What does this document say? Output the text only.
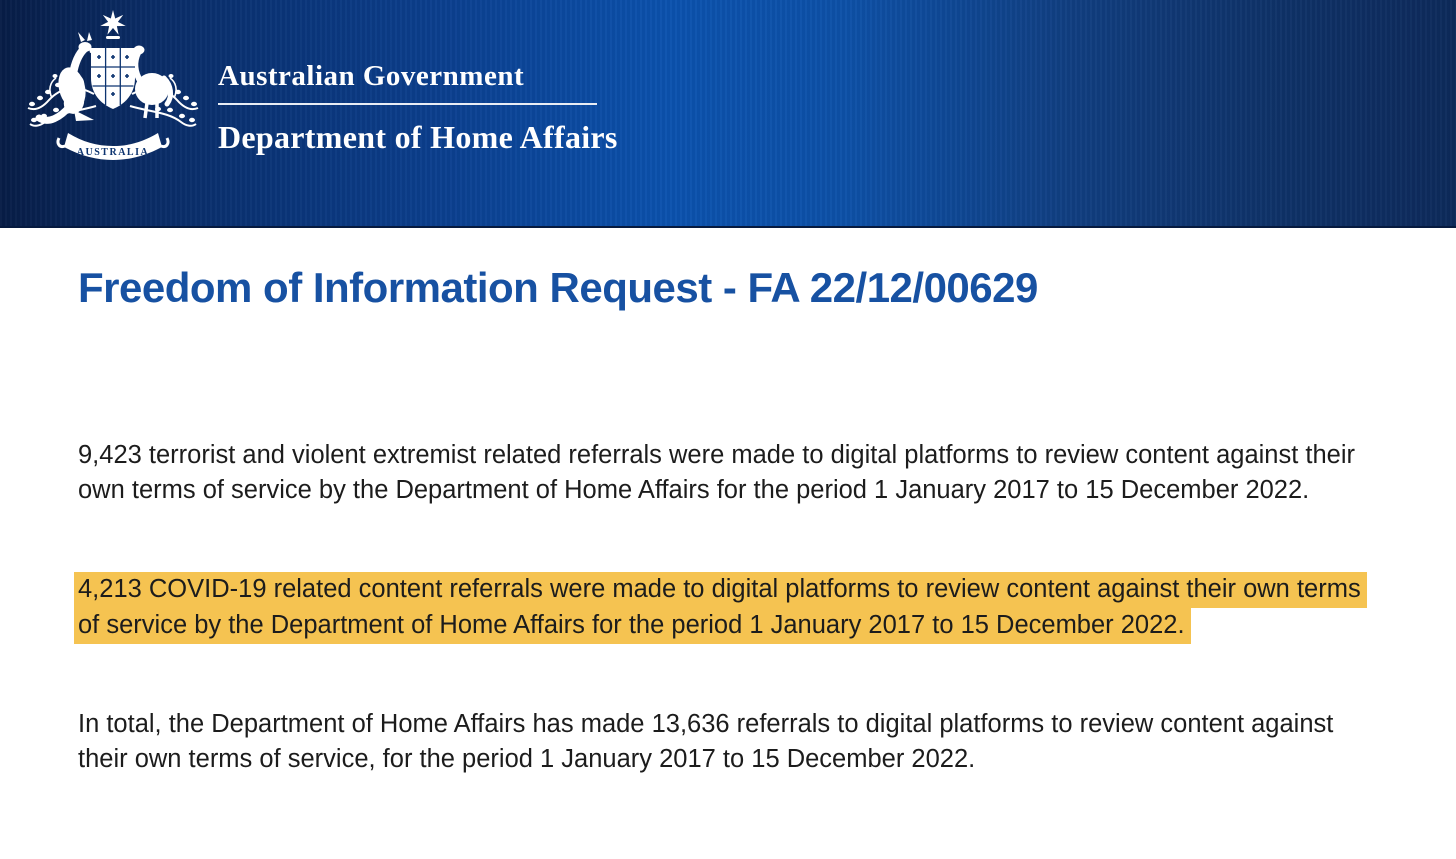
AUSTRALIA
Australian Government
Department of Home Affairs
Freedom of Information Request - FA 22/12/00629

9,423 terrorist and violent extremist related referrals were made to digital platforms to review content against their own terms of service by the Department of Home Affairs for the period 1 January 2017 to 15 December 2022.

4,213 COVID-19 related content referrals were made to digital platforms to review content against their own terms of service by the Department of Home Affairs for the period 1 January 2017 to 15 December 2022.

In total, the Department of Home Affairs has made 13,636 referrals to digital platforms to review content against their own terms of service, for the period 1 January 2017 to 15 December 2022.
